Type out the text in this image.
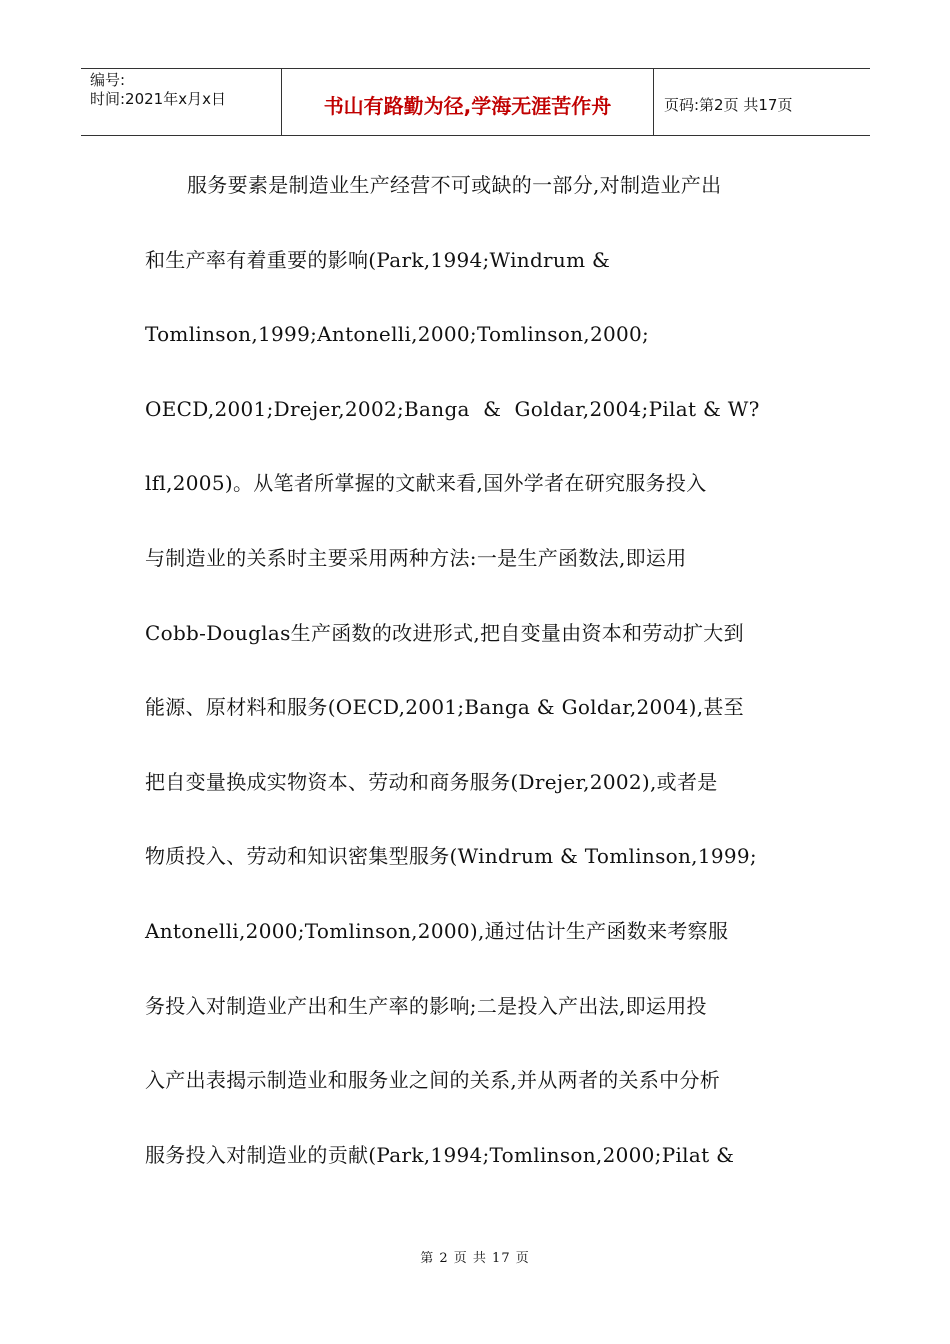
编号:
时间:2021年x月x日	书山有路勤为径,学海无涯苦作舟	页码:第2页 共17页
服务要素是制造业生产经营不可或缺的一部分,对制造业产出
和生产率有着重要的影响(Park,1994;Windrum &
Tomlinson,1999;Antonelli,2000;Tomlinson,2000;
OECD,2001;Drejer,2002;Banga  &  Goldar,2004;Pilat & W?
lfl,2005)。从笔者所掌握的文献来看,国外学者在研究服务投入
与制造业的关系时主要采用两种方法:一是生产函数法,即运用
Cobb-Douglas生产函数的改进形式,把自变量由资本和劳动扩大到
能源、原材料和服务(OECD,2001;Banga & Goldar,2004),甚至
把自变量换成实物资本、劳动和商务服务(Drejer,2002),或者是
物质投入、劳动和知识密集型服务(Windrum & Tomlinson,1999;
Antonelli,2000;Tomlinson,2000),通过估计生产函数来考察服
务投入对制造业产出和生产率的影响;二是投入产出法,即运用投
入产出表揭示制造业和服务业之间的关系,并从两者的关系中分析
服务投入对制造业的贡献(Park,1994;Tomlinson,2000;Pilat &
第 2 页 共 17 页
